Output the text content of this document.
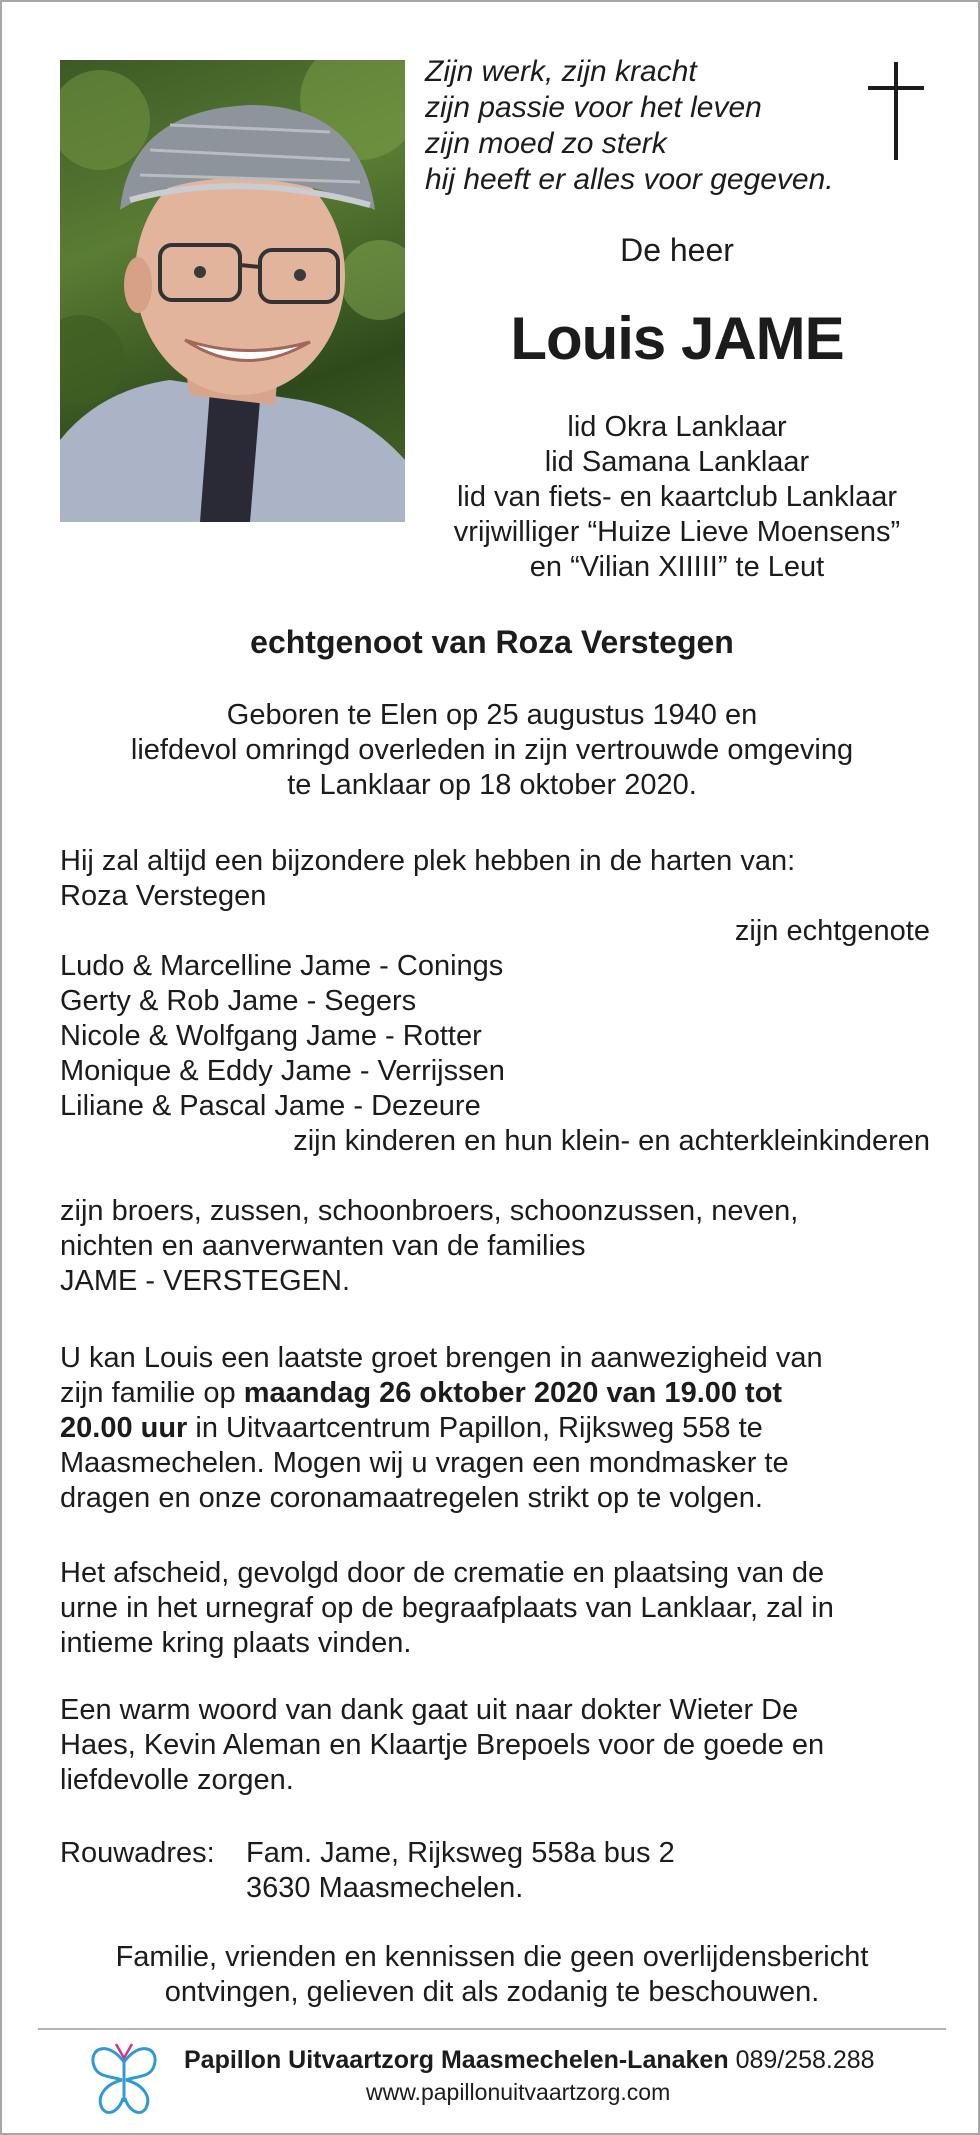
Zijn werk, zijn kracht
zijn passie voor het leven
zijn moed zo sterk
hij heeft er alles voor gegeven.
De heer
Louis JAME
lid Okra Lanklaar
lid Samana Lanklaar
lid van fiets- en kaartclub Lanklaar
vrijwilliger “Huize Lieve Moensens”
en “Vilian XIIIII” te Leut
echtgenoot van Roza Verstegen
Geboren te Elen op 25 augustus 1940 en
liefdevol omringd overleden in zijn vertrouwde omgeving
te Lanklaar op 18 oktober 2020.
Hij zal altijd een bijzondere plek hebben in de harten van:
Roza Verstegen
zijn echtgenote
Ludo & Marcelline Jame - Conings
Gerty & Rob Jame - Segers
Nicole & Wolfgang Jame - Rotter
Monique & Eddy Jame - Verrijssen
Liliane & Pascal Jame - Dezeure
zijn kinderen en hun klein- en achterkleinkinderen
zijn broers, zussen, schoonbroers, schoonzussen, neven,
nichten en aanverwanten van de families
JAME - VERSTEGEN.
U kan Louis een laatste groet brengen in aanwezigheid van
zijn familie op maandag 26 oktober 2020 van 19.00 tot
20.00 uur in Uitvaartcentrum Papillon, Rijksweg 558 te
Maasmechelen. Mogen wij u vragen een mondmasker te
dragen en onze coronamaatregelen strikt op te volgen.
Het afscheid, gevolgd door de crematie en plaatsing van de
urne in het urnegraf op de begraafplaats van Lanklaar, zal in
intieme kring plaats vinden.
Een warm woord van dank gaat uit naar dokter Wieter De
Haes, Kevin Aleman en Klaartje Brepoels voor de goede en
liefdevolle zorgen.
Rouwadres:	Fam. Jame, Rijksweg 558a bus 2
3630 Maasmechelen.
Familie, vrienden en kennissen die geen overlijdensbericht
ontvingen, gelieven dit als zodanig te beschouwen.
Papillon Uitvaartzorg Maasmechelen-Lanaken 089/258.288
www.papillonuitvaartzorg.com
